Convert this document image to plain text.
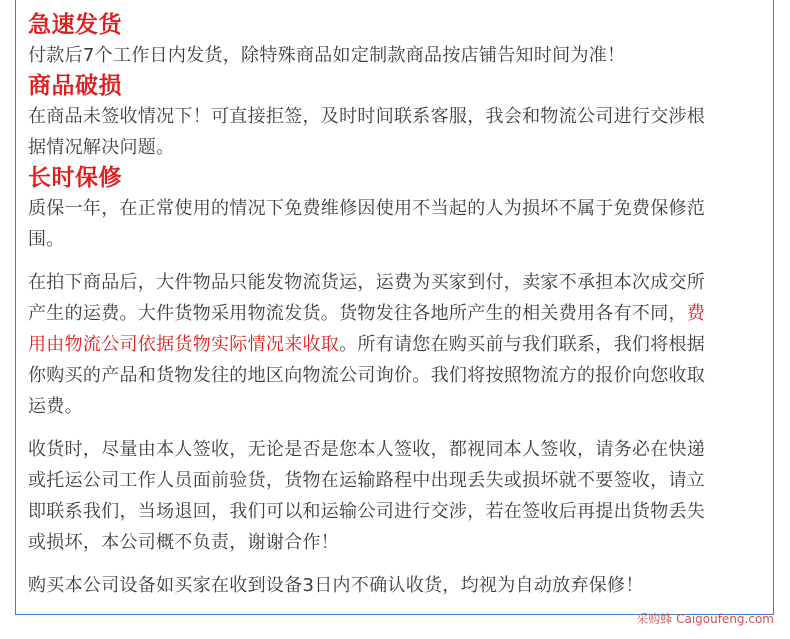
急速发货

付款后7个工作日内发货，除特殊商品如定制款商品按店铺告知时间为准！

商品破损

在商品未签收情况下！可直接拒签，及时时间联系客服，我会和物流公司进行交涉根
据情况解决问题。

长时保修

质保一年，在正常使用的情况下免费维修因使用不当起的人为损坏不属于免费保修范
围。

在拍下商品后，大件物品只能发物流货运，运费为买家到付，卖家不承担本次成交所
产生的运费。大件货物采用物流发货。货物发往各地所产生的相关费用各有不同，费
用由物流公司依据货物实际情况来收取。所有请您在购买前与我们联系，我们将根据
你购买的产品和货物发往的地区向物流公司询价。我们将按照物流方的报价向您收取
运费。

收货时，尽量由本人签收，无论是否是您本人签收，都视同本人签收，请务必在快递
或托运公司工作人员面前验货，货物在运输路程中出现丢失或损坏就不要签收，请立
即联系我们，当场退回，我们可以和运输公司进行交涉，若在签收后再提出货物丢失
或损坏，本公司概不负责，谢谢合作！

购买本公司设备如买家在收到设备3日内不确认收货，均视为自动放弃保修！

采购蜂 Caigoufeng.com
